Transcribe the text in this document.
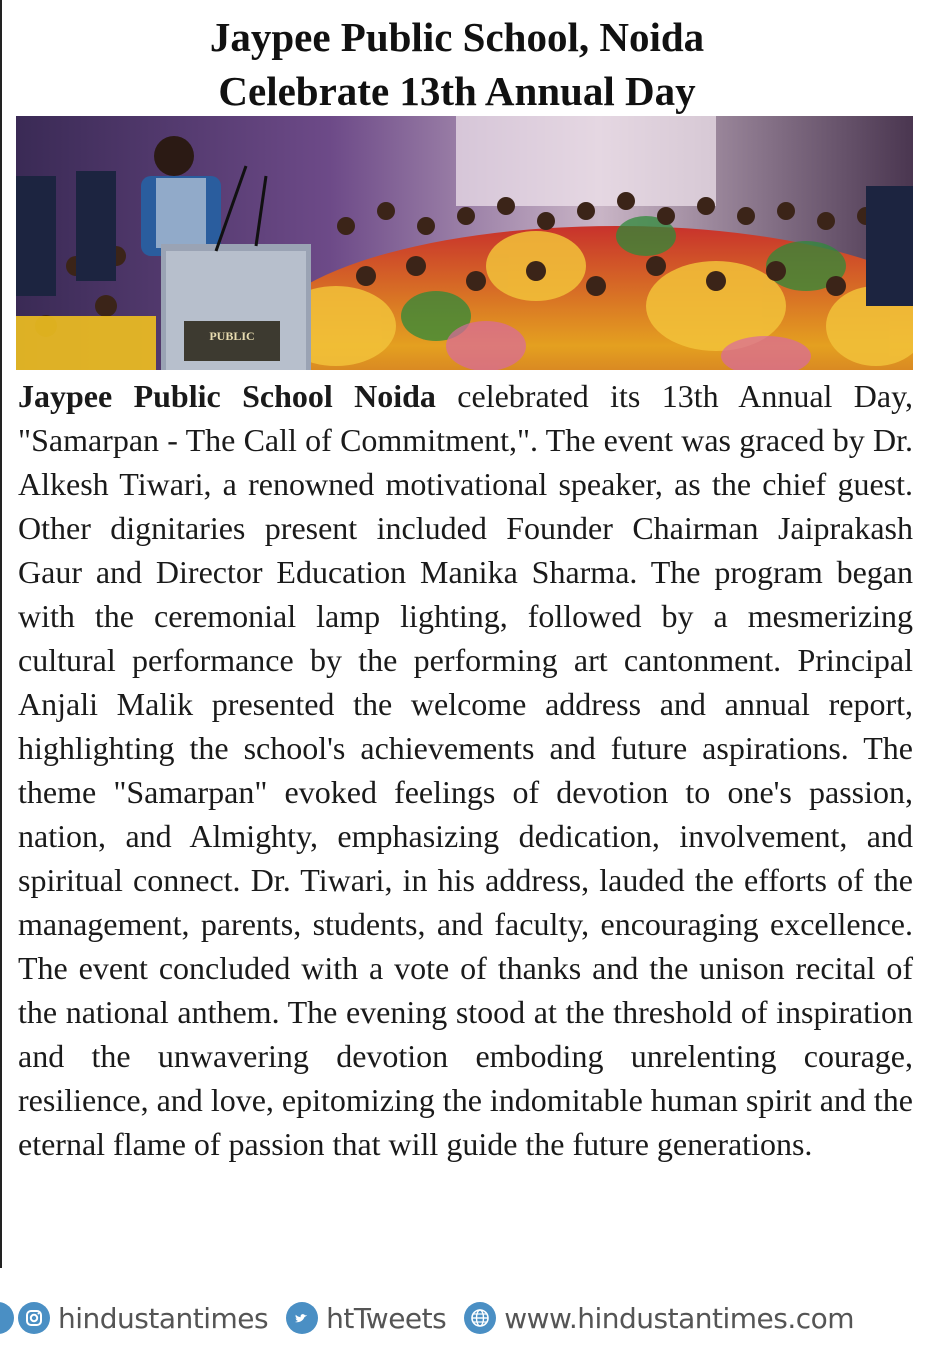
Jaypee Public School, Noida
Celebrate 13th Annual Day
PUBLIC
Jaypee Public School Noida celebrated its 13th Annual Day, "Samarpan - The Call of Commitment,". The event was graced by Dr. Alkesh Tiwari, a renowned motivational speaker, as the chief guest. Other dignitaries present included Founder Chairman Jaiprakash Gaur and Director Education Manika Sharma. The program began with the ceremonial lamp lighting, followed by a mesmerizing cultural performance by the performing art cantonment. Principal Anjali Malik presented the welcome address and annual report, highlighting the school's achievements and future aspirations. The theme "Samarpan" evoked feelings of devotion to one's passion, nation, and Almighty, emphasizing dedication, involvement, and spiritual connect. Dr. Tiwari, in his address, lauded the efforts of the management, parents, students, and faculty, encouraging excellence. The event concluded with a vote of thanks and the unison recital of the national anthem. The evening stood at the threshold of inspiration and the unwavering devotion emboding unrelenting courage, resilience, and love, epitomizing the indomitable human spirit and the eternal flame of passion that will guide the future generations.
hindustantimes htTweets www.hindustantimes.com
